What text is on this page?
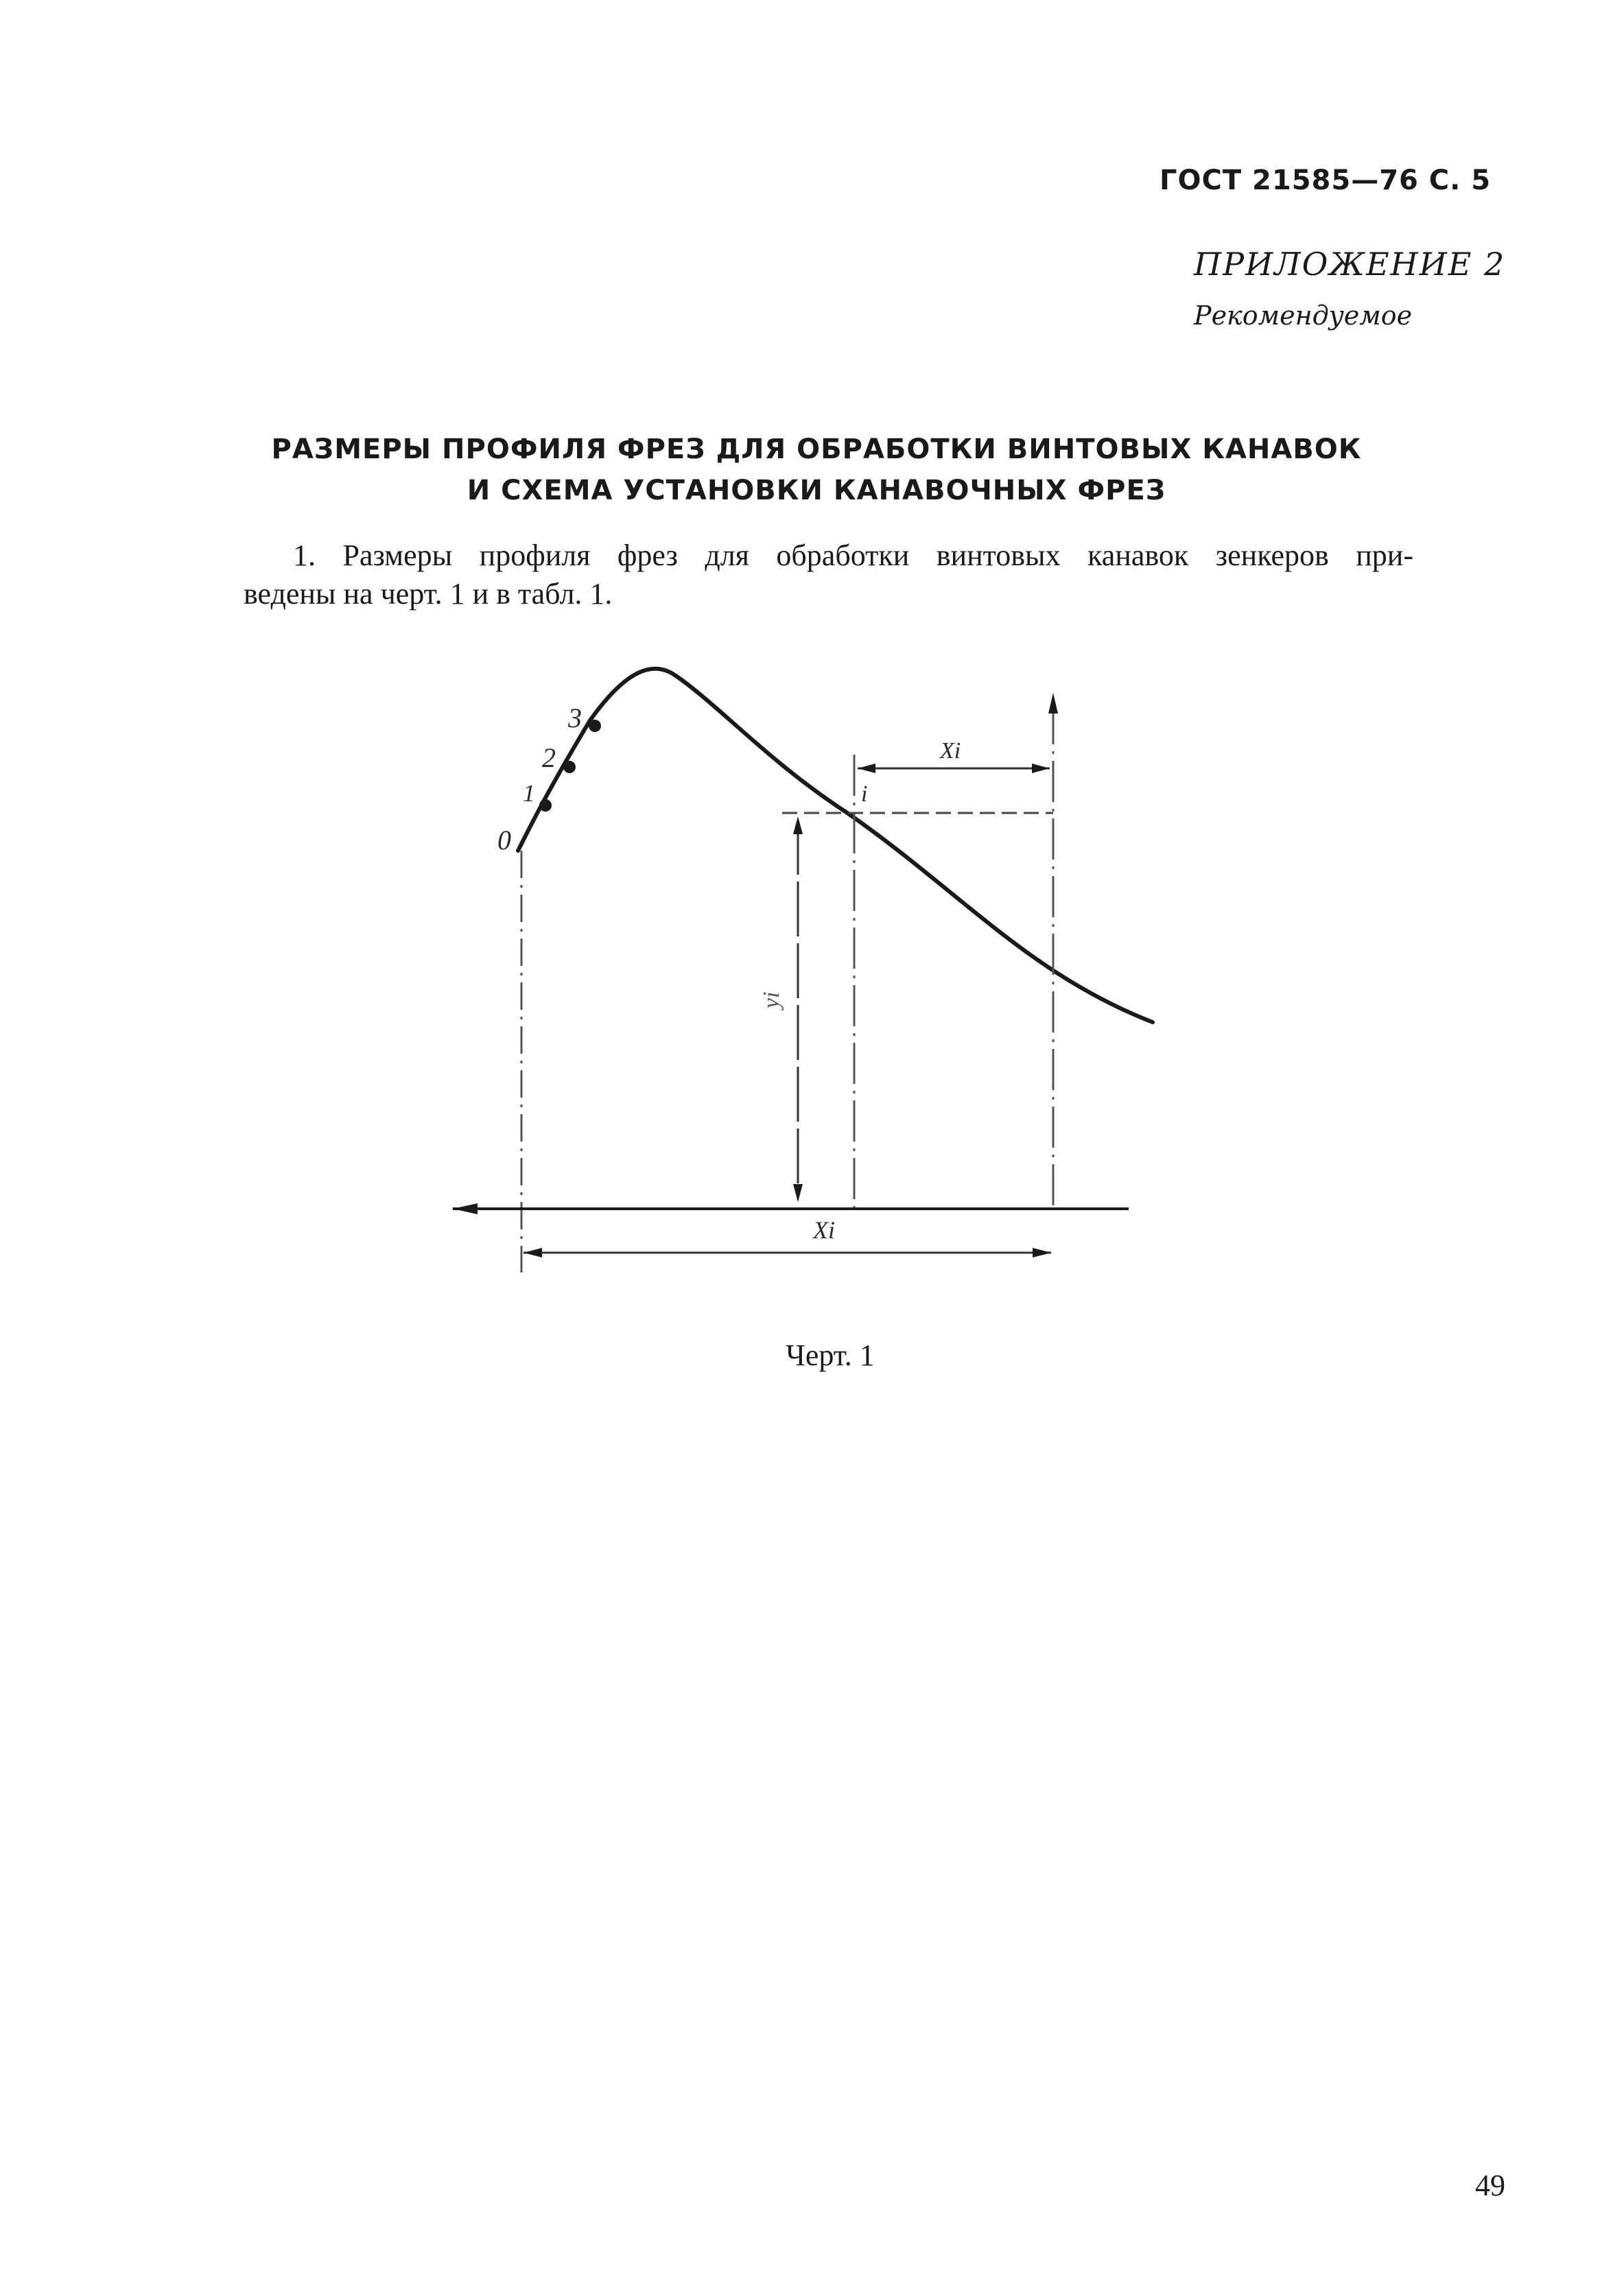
ГОСТ 21585—76 С. 5
ПРИЛОЖЕНИЕ 2
Рекомендуемое
РАЗМЕРЫ ПРОФИЛЯ ФРЕЗ ДЛЯ ОБРАБОТКИ ВИНТОВЫХ КАНАВОК
И СХЕМА УСТАНОВКИ КАНАВОЧНЫХ ФРЕЗ
1. Размеры профиля фрез для обработки винтовых канавок зенкеров при-
ведены на черт. 1 и в табл. 1.
0
1
2
3
i
Xi
yi
Xi
Черт. 1
49
